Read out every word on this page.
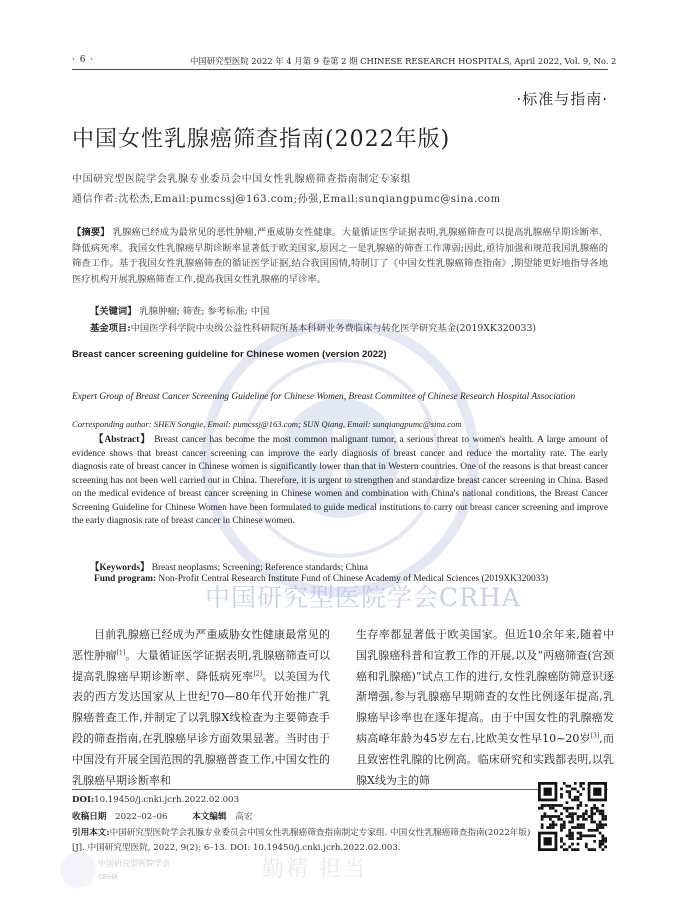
· 6 ·	中国研究型医院 2022 年 4 月第 9 卷第 2 期 CHINESE RESEARCH HOSPITALS, April 2022, Vol. 9, No. 2
中国研究型医院学会CRHA
·标准与指南·
中国女性乳腺癌筛查指南(2022年版)
中国研究型医院学会乳腺专业委员会中国女性乳腺癌筛查指南制定专家组
通信作者:沈松杰,Email:pumcssj@163.com;孙强,Email:sunqiangpumc@sina.com
【摘要】 乳腺癌已经成为最常见的恶性肿瘤,严重威胁女性健康。大量循证医学证据表明,乳腺癌筛查可以提高乳腺癌早期诊断率、降低病死率。我国女性乳腺癌早期诊断率显著低于欧美国家,原因之一是乳腺癌的筛查工作薄弱;因此,亟待加强和规范我国乳腺癌的筛查工作。基于我国女性乳腺癌筛查的循证医学证据,结合我国国情,特制订了《中国女性乳腺癌筛查指南》,期望能更好地指导各地医疗机构开展乳腺癌筛查工作,提高我国女性乳腺癌的早诊率。
【关键词】 乳腺肿瘤; 筛查; 参考标准; 中国
基金项目:中国医学科学院中央级公益性科研院所基本科研业务费临床与转化医学研究基金(2019XK320033)
Breast cancer screening guideline for Chinese women (version 2022)
Expert Group of Breast Cancer Screening Guideline for Chinese Women, Breast Committee of Chinese Research Hospital Association
Corresponding author: SHEN Songjie, Email: pumcssj@163.com; SUN Qiang, Email: sunqiangpumc@sina.com
【Abstract】 Breast cancer has become the most common malignant tumor, a serious threat to women's health. A large amount of evidence shows that breast cancer screening can improve the early diagnosis of breast cancer and reduce the mortality rate. The early diagnosis rate of breast cancer in Chinese women is significantly lower than that in Western countries. One of the reasons is that breast cancer screening has not been well carried out in China. Therefore, it is urgent to strengthen and standardize breast cancer screening in China. Based on the medical evidence of breast cancer screening in Chinese women and combination with China's national conditions, the Breast Cancer Screening Guideline for Chinese Women have been formulated to guide medical institutions to carry out breast cancer screening and improve the early diagnosis rate of breast cancer in Chinese women.
【Keywords】 Breast neoplasms; Screening; Reference standards; China
Fund program: Non-Profit Central Research Institute Fund of Chinese Academy of Medical Sciences (2019XK320033)
目前乳腺癌已经成为严重威胁女性健康最常见的恶性肿瘤[1]。大量循证医学证据表明,乳腺癌筛查可以提高乳腺癌早期诊断率、降低病死率[2]。以美国为代表的西方发达国家从上世纪70—80年代开始推广乳腺癌普查工作,并制定了以乳腺X线检查为主要筛查手段的筛查指南,在乳腺癌早诊方面效果显著。当时由于中国没有开展全国范围的乳腺癌普查工作,中国女性的乳腺癌早期诊断率和
生存率都显著低于欧美国家。但近10余年来,随着中国乳腺癌科普和宣教工作的开展,以及“两癌筛查(宫颈癌和乳腺癌)”试点工作的进行,女性乳腺癌防筛意识逐渐增强,参与乳腺癌早期筛查的女性比例逐年提高,乳腺癌早诊率也在逐年提高。由于中国女性的乳腺癌发病高峰年龄为45岁左右,比欧美女性早10~20岁[3],而且致密性乳腺的比例高。临床研究和实践都表明,以乳腺X线为主的筛
DOI:10.19450/j.cnki.jcrh.2022.02.003
收稿日期 2022–02–06	本文编辑 高宏
引用本文:中国研究型医院学会乳腺专业委员会中国女性乳腺癌筛查指南制定专家组. 中国女性乳腺癌筛查指南(2022年版)[J]. 中国研究型医院, 2022, 9(2): 6–13. DOI: 10.19450/j.cnki.jcrh.2022.02.003.
中国研究型医院学会
CRHA	勤精 担当
